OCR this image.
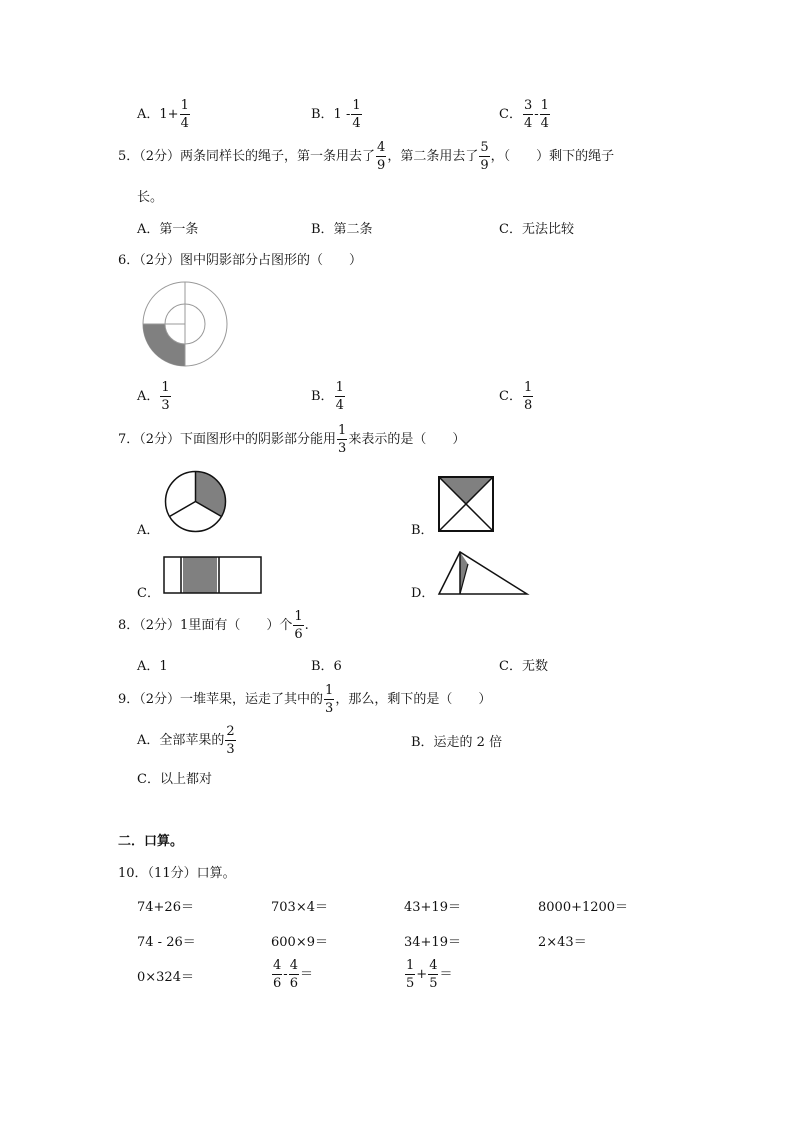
A．$1+ \frac{1}{4}$	B．$1 - \frac{1}{4}$	C． $\frac{3}{4} - \frac{1}{4}$
5．（2分）两条同样长的绳子，第一条用去了 $\frac{4}{9}$ ，第二条用去了 $\frac{5}{9}$ ，（　　）剩下的绳子
长。
A．第一条	B．第二条	C．无法比较
6．（2分）图中阴影部分占图形的（　　）
A． $\frac{1}{3}$	B． $\frac{1}{4}$	C． $\frac{1}{8}$
7．（2分）下面图形中的阴影部分能用 $\frac{1}{3}$ 来表示的是（　　）
A．	B．
C．	D．
8．（2分）1里面有（　　）个 $\frac{1}{6}$ .
A．1	B．6	C．无数
9．（2分）一堆苹果，运走了其中的 $\frac{1}{3}$ ，那么，剩下的是（　　）
A．全部苹果的 $\frac{2}{3}$	B．运走的 2 倍
C．以上都对
二．口算。
10．（11分）口算。
74+26＝	703×4＝	43+19＝	8000+1200＝
74 - 26＝	600×9＝	34+19＝	2×43＝
0×324＝	$\frac{4}{6} - \frac{4}{6}$ ＝	$\frac{1}{5} + \frac{4}{5}$ ＝
